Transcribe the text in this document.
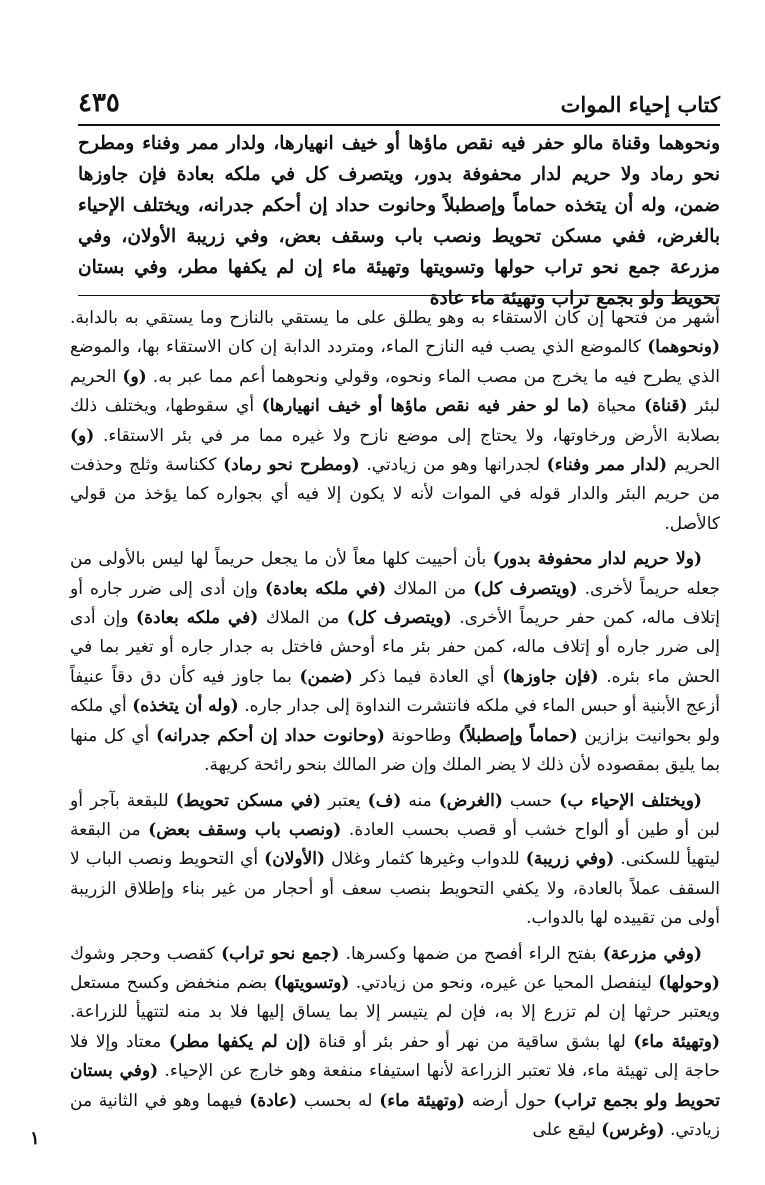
كتاب إحياء الموات
٤٣٥
ونحوهما وقناة مالو حفر فيه نقص ماؤها أو خيف انهيارها، ولدار ممر وفناء ومطرح نحو رماد ولا حريم لدار محفوفة بدور، ويتصرف كل في ملكه بعادة فإن جاوزها ضمن، وله أن يتخذه حماماً وإصطبلاً وحانوت حداد إن أحكم جدرانه، ويختلف الإحياء بالغرض، ففي مسكن تحويط ونصب باب وسقف بعض، وفي زريبة الأولان، وفي مزرعة جمع نحو تراب حولها وتسويتها وتهيئة ماء إن لم يكفها مطر، وفي بستان تحويط ولو بجمع تراب وتهيئة ماء عادة

أشهر من فتحها إن كان الاستقاء به وهو يطلق على ما يستقي بالنازح وما يستقي به بالدابة. (ونحوهما) كالموضع الذي يصب فيه النازح الماء، ومتردد الدابة إن كان الاستقاء بها، والموضع الذي يطرح فيه ما يخرج من مصب الماء ونحوه، وقولي ونحوهما أعم مما عبر به. (و) الحريم لبئر (قناة) محياة (ما لو حفر فيه نقص ماؤها أو خيف انهيارها) أي سقوطها، ويختلف ذلك بصلابة الأرض ورخاوتها، ولا يحتاج إلى موضع نازح ولا غيره مما مر في بئر الاستقاء. (و) الحريم (لدار ممر وفناء) لجدرانها وهو من زيادتي. (ومطرح نحو رماد) ككناسة وثلج وحذفت من حريم البئر والدار قوله في الموات لأنه لا يكون إلا فيه أي بجواره كما يؤخذ من قولي كالأصل.

(ولا حريم لدار محفوفة بدور) بأن أحييت كلها معاً لأن ما يجعل حريماً لها ليس بالأولى من جعله حريماً لأخرى. (ويتصرف كل) من الملاك (في ملكه بعادة) وإن أدى إلى ضرر جاره أو إتلاف ماله، كمن حفر حريماً الأخرى. (ويتصرف كل) من الملاك (في ملكه بعادة) وإن أدى إلى ضرر جاره أو إتلاف ماله، كمن حفر بئر ماء أوحش فاختل به جدار جاره أو تغير بما في الحش ماء بئره. (فإن جاوزها) أي العادة فيما ذكر (ضمن) بما جاوز فيه كأن دق دقاً عنيفاً أزعج الأبنية أو حبس الماء في ملكه فانتشرت النداوة إلى جدار جاره. (وله أن يتخذه) أي ملكه ولو بحوانيت بزازين (حماماً وإصطبلاً) وطاحونة (وحانوت حداد إن أحكم جدرانه) أي كل منها بما يليق بمقصوده لأن ذلك لا يضر الملك وإن ضر المالك بنحو رائحة كريهة.

(ويختلف الإحياء ب) حسب (الغرض) منه (ف) يعتبر (في مسكن تحويط) للبقعة بآجر أو لبن أو طين أو ألواح خشب أو قصب بحسب العادة. (ونصب باب وسقف بعض) من البقعة ليتهيأ للسكنى. (وفي زريبة) للدواب وغيرها كثمار وغلال (الأولان) أي التحويط ونصب الباب لا السقف عملاً بالعادة، ولا يكفي التحويط بنصب سعف أو أحجار من غير بناء وإطلاق الزريبة أولى من تقييده لها بالدواب.

(وفي مزرعة) بفتح الراء أفصح من ضمها وكسرها. (جمع نحو تراب) كقصب وحجر وشوك (وحولها) لينفصل المحيا عن غيره، ونحو من زيادتي. (وتسويتها) بضم منخفض وكسح مستعل ويعتبر حرثها إن لم تزرع إلا به، فإن لم يتيسر إلا بما يساق إليها فلا بد منه لتتهيأ للزراعة. (وتهيئة ماء) لها بشق ساقية من نهر أو حفر بئر أو قناة (إن لم يكفها مطر) معتاد وإلا فلا حاجة إلى تهيئة ماء، فلا تعتبر الزراعة لأنها استيفاء منفعة وهو خارج عن الإحياء. (وفي بستان تحويط ولو بجمع تراب) حول أرضه (وتهيئة ماء) له بحسب (عادة) فيهما وهو في الثانية من زيادتي. (وغرس) ليقع على

١
